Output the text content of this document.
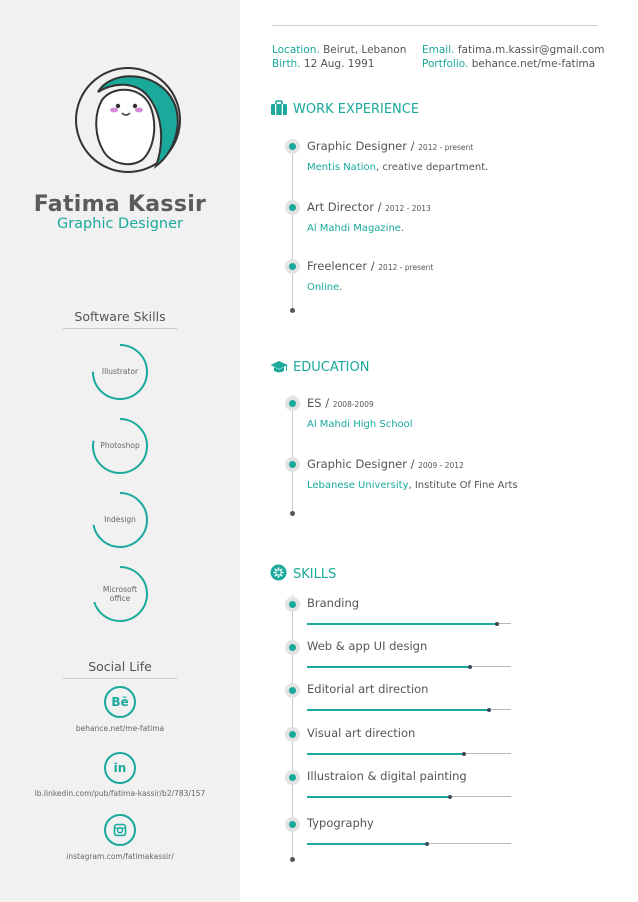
Fatima Kassir
Graphic Designer
Software Skills
Illustrator
Photoshop
Indesign
Microsoft office
Social Life
Bē
behance.net/me-fatima
in
lb.linkedin.com/pub/fatima-kassir/b2/783/157
instagram.com/fatimakassir/
Location. Beirut, Lebanon
Birth. 12 Aug. 1991
Email. fatima.m.kassir@gmail.com
Portfolio. behance.net/me-fatima
WORK EXPERIENCE
Graphic Designer / 2012 - present
Mentis Nation, creative department.
Art Director / 2012 - 2013
Al Mahdi Magazine.
Freelencer / 2012 - present
Online.
EDUCATION
ES / 2008-2009
Al Mahdi High School
Graphic Designer / 2009 - 2012
Lebanese University, Institute Of Fine Arts
SKILLS
Branding
Web & app UI design
Editorial art direction
Visual art direction
Illustraion & digital painting
Typography
